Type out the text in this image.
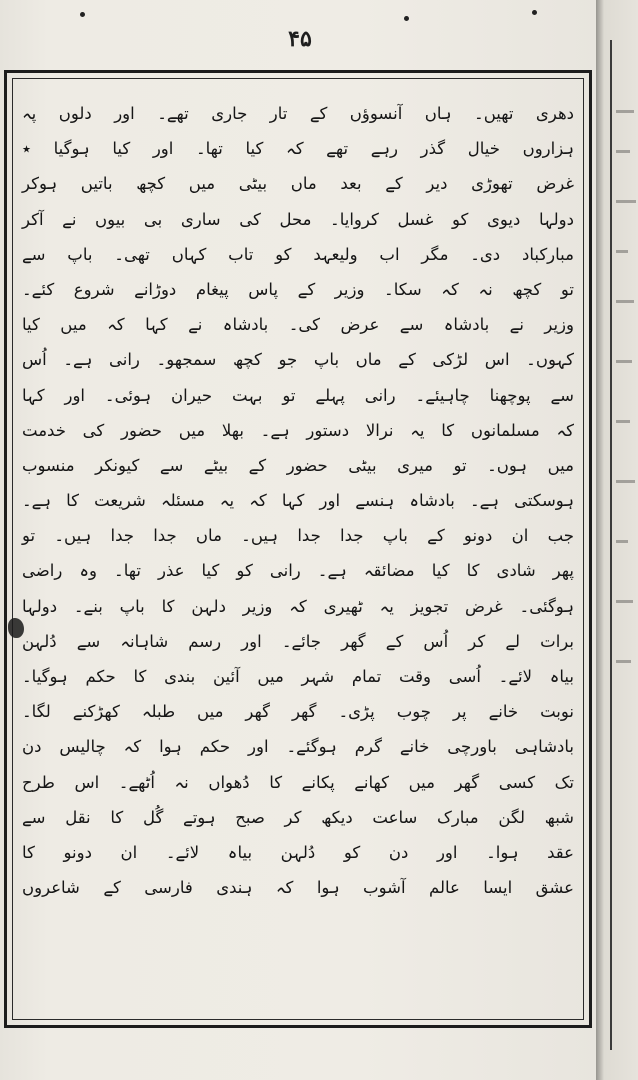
۴۵
دھری تھیں۔ ہاں آنسوؤں کے تار جاری تھے۔ اور دلوں پہ
ہزاروں خیال گذر رہے تھے کہ کیا تھا۔ اور کیا ہوگیا ٭
غرض تھوڑی دیر کے بعد ماں بیٹی میں کچھ باتیں ہوکر
دولہا دیوی کو غسل کروایا۔ محل کی ساری بی بیوں نے آکر
مبارکباد دی۔ مگر اب ولیعہد کو تاب کہاں تھی۔ باپ سے
تو کچھ نہ کہ سکا۔ وزیر کے پاس پیغام دوڑانے شروع کئے۔
وزیر نے بادشاہ سے عرض کی۔ بادشاہ نے کہا کہ میں کیا
کہوں۔ اس لڑکی کے ماں باپ جو کچھ سمجھو۔ رانی ہے۔ اُس
سے پوچھنا چاہیئے۔ رانی پہلے تو بہت حیران ہوئی۔ اور کہا
کہ مسلمانوں کا یہ نرالا دستور ہے۔ بھلا میں حضور کی خدمت
میں ہوں۔ تو میری بیٹی حضور کے بیٹے سے کیونکر منسوب
ہوسکتی ہے۔ بادشاہ ہنسے اور کہا کہ یہ مسئلہ شریعت کا ہے۔
جب ان دونو کے باپ جدا جدا ہیں۔ ماں جدا جدا ہیں۔ تو
پھر شادی کا کیا مضائقہ ہے۔ رانی کو کیا عذر تھا۔ وہ راضی
ہوگئی۔ غرض تجویز یہ ٹھیری کہ وزیر دلہن کا باپ بنے۔ دولہا
برات لے کر اُس کے گھر جائے۔ اور رسم شاہانہ سے دُلہن
بیاہ لائے۔ اُسی وقت تمام شہر میں آئین بندی کا حکم ہوگیا۔
نوبت خانے پر چوب پڑی۔ گھر گھر میں طبلہ کھڑکنے لگا۔
بادشاہی باورچی خانے گرم ہوگئے۔ اور حکم ہوا کہ چالیس دن
تک کسی گھر میں کھانے پکانے کا دُھواں نہ اُٹھے۔ اس طرح
شبھ لگن مبارک ساعت دیکھ کر صبح ہوتے گُل کا نقل سے
عقد ہوا۔ اور دن کو دُلہن بیاہ لائے۔ ان دونو کا
عشق ایسا عالم آشوب ہوا کہ ہندی فارسی کے شاعروں
